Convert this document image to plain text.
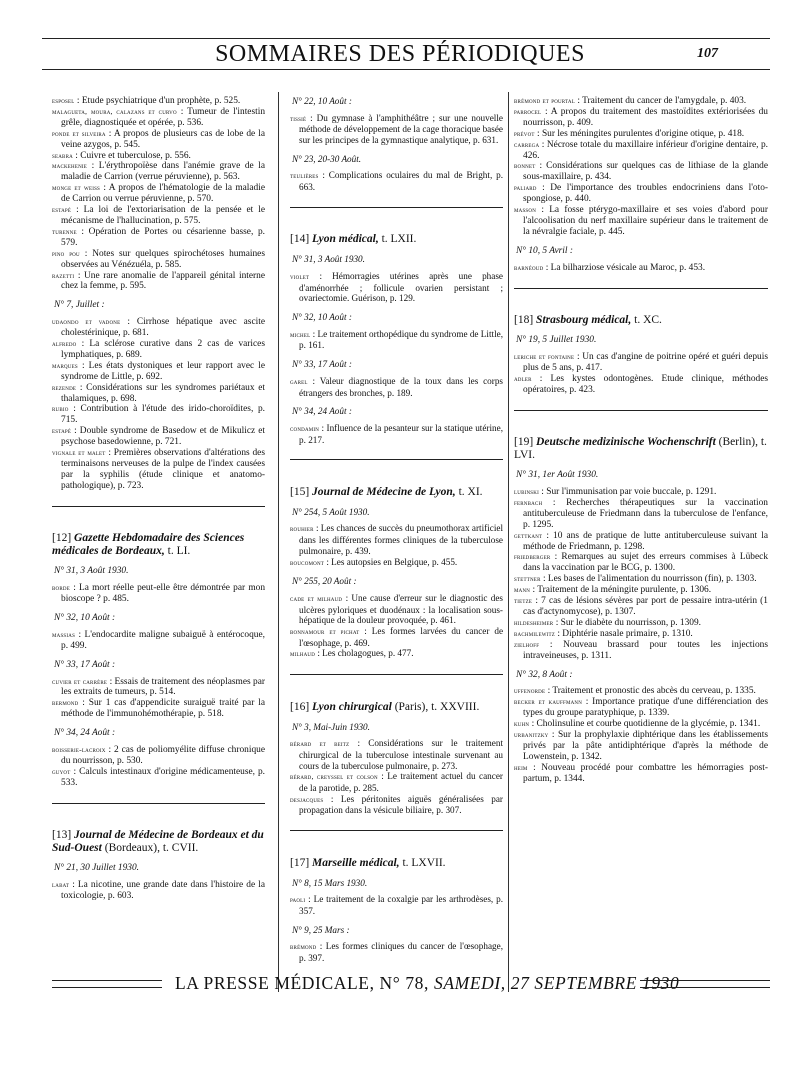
SOMMAIRES DES PÉRIODIQUES	107

esposel : Etude psychiatrique d'un prophète, p. 525.

malagueta, moura, calazans et curvo : Tumeur de l'intestin grêle, diagnostiquée et opérée, p. 536.

ponde et silveira : A propos de plusieurs cas de lobe de la veine azygos, p. 545.

seabra : Cuivre et tuberculose, p. 556.

mackehenie : L'érythropoïèse dans l'anémie grave de la maladie de Carrion (verrue péruvienne), p. 563.

monge et weiss : A propos de l'hématologie de la maladie de Carrion ou verrue péruvienne, p. 570.

estapé : La loi de l'extoriarisation de la pensée et le mécanisme de l'hallucination, p. 575.

turenne : Opération de Portes ou césarienne basse, p. 579.

pino pou : Notes sur quelques spirochétoses humaines observées au Vénézuéla, p. 585.

razetti : Une rare anomalie de l'appareil génital interne chez la femme, p. 595.

N° 7, Juillet :

udaondo et vadone : Cirrhose hépatique avec ascite cholestérinique, p. 681.

alfredo : La sclérose curative dans 2 cas de varices lymphatiques, p. 689.

marques : Les états dystoniques et leur rapport avec le syndrome de Little, p. 692.

rezende : Considérations sur les syndromes pariétaux et thalamiques, p. 698.

rubio : Contribution à l'étude des irido-choroïdites, p. 715.

estapé : Double syndrome de Basedow et de Mikulicz et psychose basedowienne, p. 721.

vignale et malet : Premières observations d'altérations des terminaisons nerveuses de la pulpe de l'index causées par la syphilis (étude clinique et anatomo-pathologique), p. 723.

[12] Gazette Hebdomadaire des Sciences médicales de Bordeaux, t. LI.

N° 31, 3 Août 1930.

borde : La mort réelle peut-elle être démontrée par mon bioscope ? p. 485.

N° 32, 10 Août :

massias : L'endocardite maligne subaiguë à entérocoque, p. 499.

N° 33, 17 Août :

cuvier et carrère : Essais de traitement des néoplasmes par les extraits de tumeurs, p. 514.

bermond : Sur 1 cas d'appendicite suraiguë traité par la méthode de l'immunohémothérapie, p. 518.

N° 34, 24 Août :

boisserie-lacroix : 2 cas de poliomyélite diffuse chronique du nourrisson, p. 530.

guyot : Calculs intestinaux d'origine médicamenteuse, p. 533.

[13] Journal de Médecine de Bordeaux et du Sud-Ouest (Bordeaux), t. CVII.

N° 21, 30 Juillet 1930.

labat : La nicotine, une grande date dans l'histoire de la toxicologie, p. 603.

N° 22, 10 Août :

tissié : Du gymnase à l'amphithéâtre ; sur une nouvelle méthode de développement de la cage thoracique basée sur les principes de la gymnastique analytique, p. 631.

N° 23, 20-30 Août.

teulières : Complications oculaires du mal de Bright, p. 663.

[14] Lyon médical, t. LXII.

N° 31, 3 Août 1930.

violet : Hémorragies utérines après une phase d'aménorrhée ; follicule ovarien persistant ; ovariectomie. Guérison, p. 129.

N° 32, 10 Août :

michel : Le traitement orthopédique du syndrome de Little, p. 161.

N° 33, 17 Août :

garel : Valeur diagnostique de la toux dans les corps étrangers des bronches, p. 189.

N° 34, 24 Août :

condamin : Influence de la pesanteur sur la statique utérine, p. 217.

[15] Journal de Médecine de Lyon, t. XI.

N° 254, 5 Août 1930.

rouhier : Les chances de succès du pneumothorax artificiel dans les différentes formes cliniques de la tuberculose pulmonaire, p. 439.

boucomont : Les autopsies en Belgique, p. 455.

N° 255, 20 Août :

cade et milhaud : Une cause d'erreur sur le diagnostic des ulcères pyloriques et duodénaux : la localisation sous-hépatique de la douleur provoquée, p. 461.

bonnamour et pichat : Les formes larvées du cancer de l'œsophage, p. 469.

milhaud : Les cholagogues, p. 477.

[16] Lyon chirurgical (Paris), t. XXVIII.

N° 3, Mai-Juin 1930.

bérard et beitz : Considérations sur le traitement chirurgical de la tuberculose intestinale survenant au cours de la tuberculose pulmonaire, p. 273.

bérard, creyssel et colson : Le traitement actuel du cancer de la parotide, p. 285.

desjacques : Les péritonites aiguës généralisées par propagation dans la vésicule biliaire, p. 307.

[17] Marseille médical, t. LXVII.

N° 8, 15 Mars 1930.

paoli : Le traitement de la coxalgie par les arthrodèses, p. 357.

N° 9, 25 Mars :

brémond : Les formes cliniques du cancer de l'œsophage, p. 397.

brémond et pourtal : Traitement du cancer de l'amygdale, p. 403.

parrocel : A propos du traitement des mastoïdites extériorisées du nourrisson, p. 409.

prévot : Sur les méningites purulentes d'origine otique, p. 418.

carrega : Nécrose totale du maxillaire inférieur d'origine dentaire, p. 426.

bonnet : Considérations sur quelques cas de lithiase de la glande sous-maxillaire, p. 434.

paliard : De l'importance des troubles endocriniens dans l'oto-spongiose, p. 440.

masson : La fosse ptérygo-maxillaire et ses voies d'abord pour l'alcoolisation du nerf maxillaire supérieur dans le traitement de la névralgie faciale, p. 445.

N° 10, 5 Avril :

barnéoud : La bilharziose vésicale au Maroc, p. 453.

[18] Strasbourg médical, t. XC.

N° 19, 5 Juillet 1930.

leriche et fontaine : Un cas d'angine de poitrine opéré et guéri depuis plus de 5 ans, p. 417.

adler : Les kystes odontogènes. Etude clinique, méthodes opératoires, p. 423.

[19] Deutsche medizinische Wochenschrift (Berlin), t. LVI.

N° 31, 1er Août 1930.

lubinski : Sur l'immunisation par voie buccale, p. 1291.

fernbach : Recherches thérapeutiques sur la vaccination antituberculeuse de Friedmann dans la tuberculose de l'enfance, p. 1295.

gettkant : 10 ans de pratique de lutte antituberculeuse suivant la méthode de Friedmann, p. 1298.

friedberger : Remarques au sujet des erreurs commises à Lübeck dans la vaccination par le BCG, p. 1300.

stettner : Les bases de l'alimentation du nourrisson (fin), p. 1303.

mann : Traitement de la méningite purulente, p. 1306.

tietze : 7 cas de lésions sévères par port de pessaire intra-utérin (1 cas d'actynomycose), p. 1307.

hildesheimer : Sur le diabète du nourrisson, p. 1309.

bachmilewitz : Diphtérie nasale primaire, p. 1310.

zielhoff : Nouveau brassard pour toutes les injections intraveineuses, p. 1311.

N° 32, 8 Août :

uffenorde : Traitement et pronostic des abcès du cerveau, p. 1335.

becker et kauffmann : Importance pratique d'une différenciation des types du groupe paratyphique, p. 1339.

kuhn : Cholinsuline et courbe quotidienne de la glycémie, p. 1341.

urbanitzky : Sur la prophylaxie diphtérique dans les établissements privés par la pâte antidiphtérique d'après la méthode de Lowenstein, p. 1342.

heim : Nouveau procédé pour combattre les hémorragies post-partum, p. 1344.

LA PRESSE MÉDICALE, N° 78, SAMEDI, 27 SEPTEMBRE 1930
